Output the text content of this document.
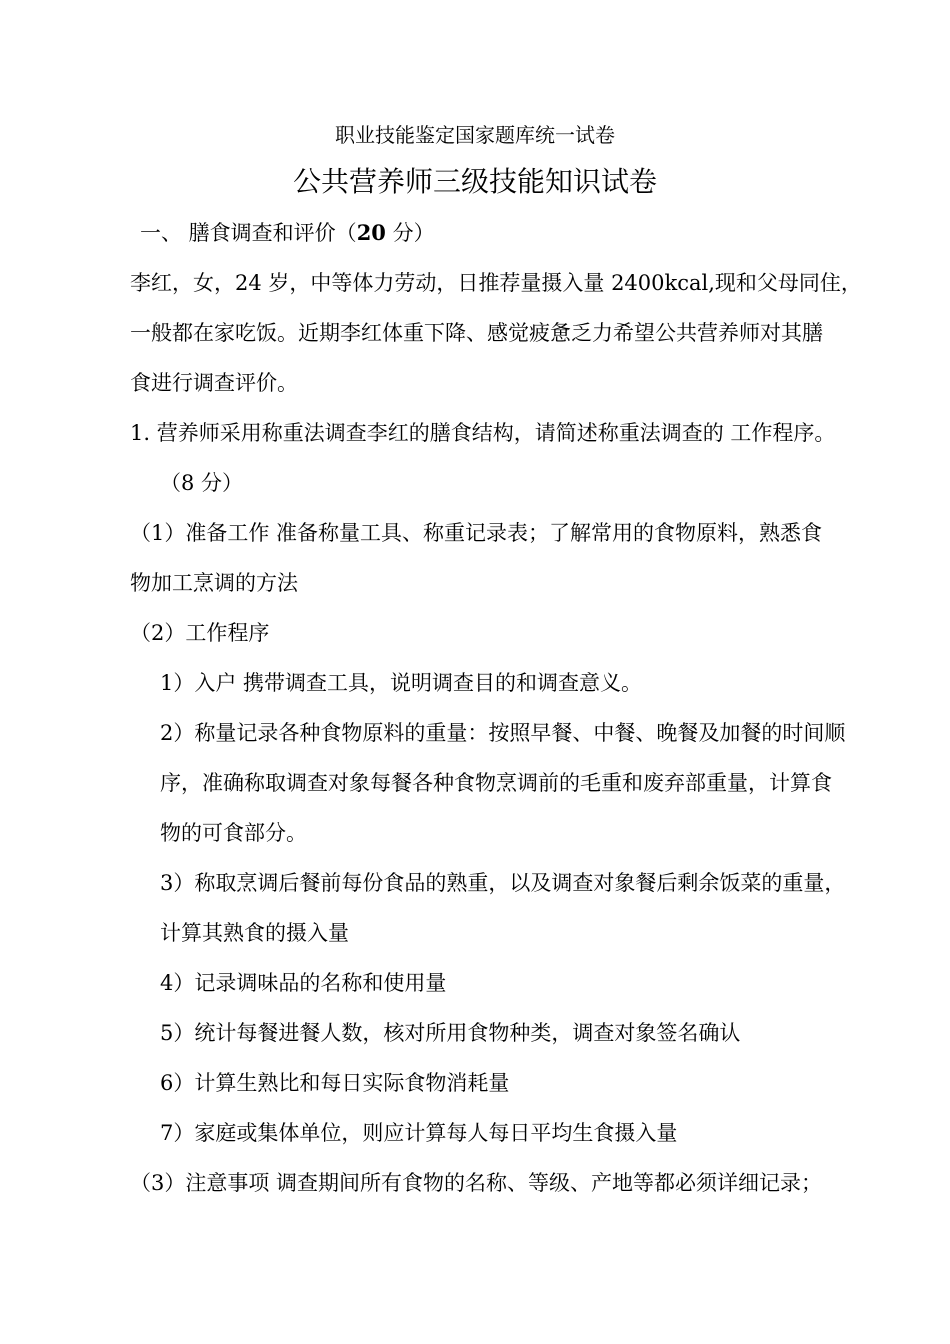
职业技能鉴定国家题库统一试卷
公共营养师三级技能知识试卷
一、 膳食调查和评价（20 分）
李红，女，24 岁，中等体力劳动，日推荐量摄入量 2400kcal,现和父母同住，
一般都在家吃饭。近期李红体重下降、感觉疲惫乏力希望公共营养师对其膳
食进行调查评价。
1. 营养师采用称重法调查李红的膳食结构，请简述称重法调查的 工作程序。
（8 分）
（1）准备工作 准备称量工具、称重记录表；了解常用的食物原料，熟悉食
物加工烹调的方法
（2）工作程序
1）入户 携带调查工具，说明调查目的和调查意义。
2）称量记录各种食物原料的重量：按照早餐、中餐、晚餐及加餐的时间顺
序，准确称取调查对象每餐各种食物烹调前的毛重和废弃部重量，计算食
物的可食部分。
3）称取烹调后餐前每份食品的熟重，以及调查对象餐后剩余饭菜的重量，
计算其熟食的摄入量
4）记录调味品的名称和使用量
5）统计每餐进餐人数，核对所用食物种类，调查对象签名确认
6）计算生熟比和每日实际食物消耗量
7）家庭或集体单位，则应计算每人每日平均生食摄入量
（3）注意事项 调查期间所有食物的名称、等级、产地等都必须详细记录；
